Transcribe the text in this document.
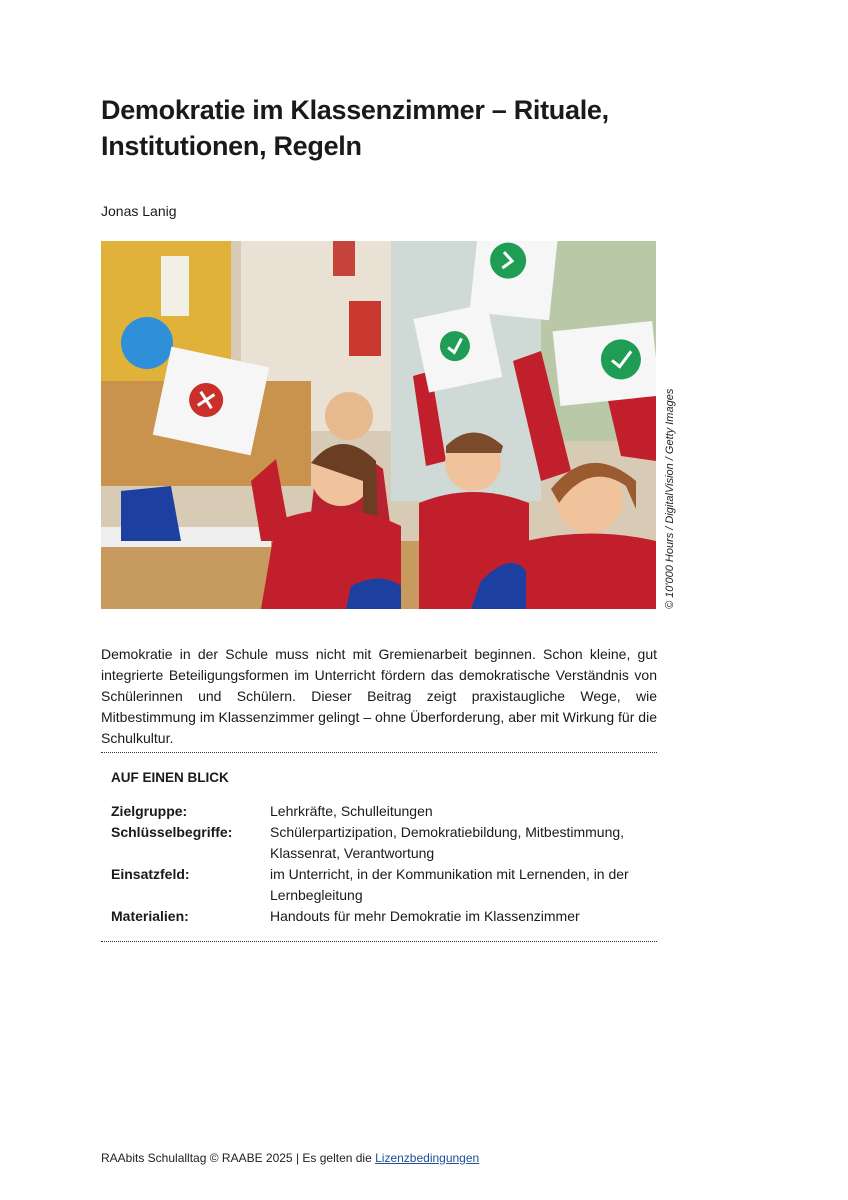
Demokratie im Klassenzimmer – Rituale,
Institutionen, Regeln
Jonas Lanig
© 10'000 Hours / DigitalVision / Getty Images

Demokratie in der Schule muss nicht mit Gremienarbeit beginnen. Schon kleine, gut integrierte Beteiligungsformen im Unterricht fördern das demokratische Verständnis von Schülerinnen und Schülern. Dieser Beitrag zeigt praxistaugliche Wege, wie Mitbestimmung im Klassenzimmer gelingt – ohne Überforderung, aber mit Wirkung für die Schulkultur.

AUF EINEN BLICK
Zielgruppe:	Lehrkräfte, Schulleitungen
Schlüsselbegriffe:	Schülerpartizipation, Demokratiebildung, Mitbestimmung, Klassenrat, Verantwortung
Einsatzfeld:	im Unterricht, in der Kommunikation mit Lernenden, in der Lernbegleitung
Materialien:	Handouts für mehr Demokratie im Klassenzimmer
RAAbits Schulalltag © RAABE 2025 | Es gelten die Lizenzbedingungen
